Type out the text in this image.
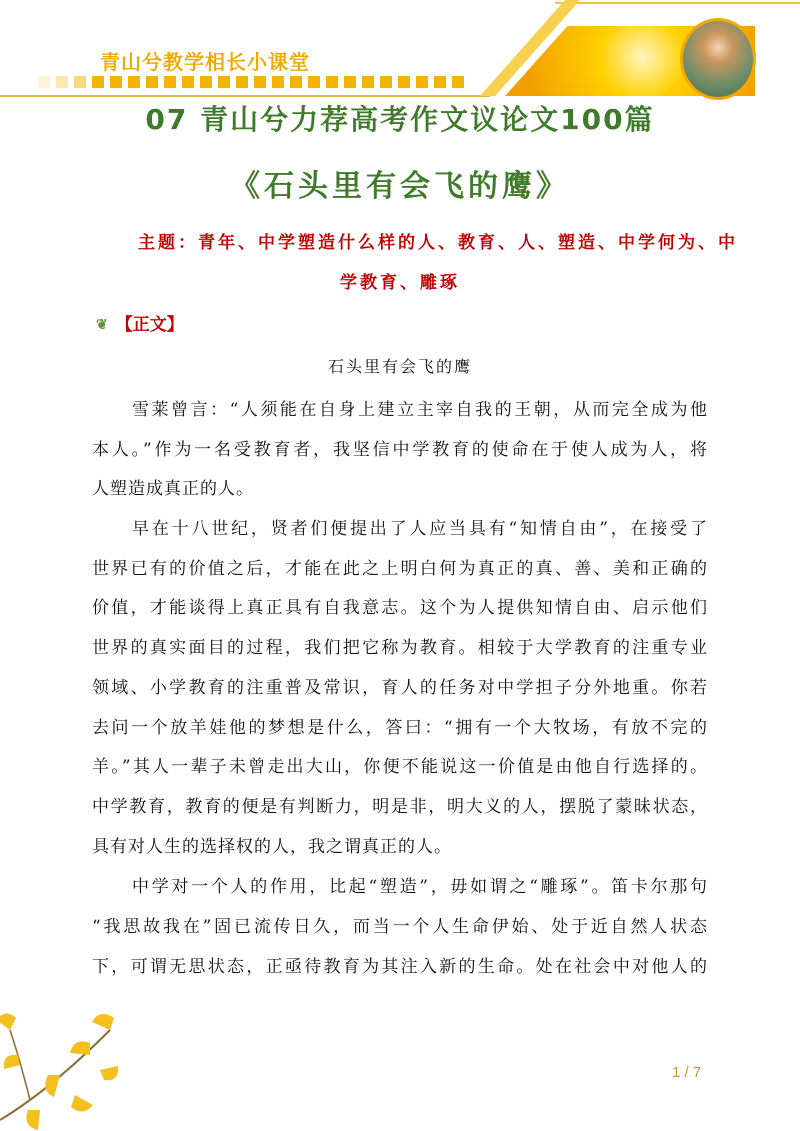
青山兮教学相长小课堂
07 青山兮力荐高考作文议论文100篇
《石头里有会飞的鹰》
主题：青年、中学塑造什么样的人、教育、人、塑造、中学何为、中
学教育、雕琢
❦ 【正文】
石头里有会飞的鹰
雪莱曾言：“人须能在自身上建立主宰自我的王朝，从而完全成为他
本人。”作为一名受教育者，我坚信中学教育的使命在于使人成为人，将
人塑造成真正的人。
早在十八世纪，贤者们便提出了人应当具有“知情自由”，在接受了
世界已有的价值之后，才能在此之上明白何为真正的真、善、美和正确的
价值，才能谈得上真正具有自我意志。这个为人提供知情自由、启示他们
世界的真实面目的过程，我们把它称为教育。相较于大学教育的注重专业
领域、小学教育的注重普及常识，育人的任务对中学担子分外地重。你若
去问一个放羊娃他的梦想是什么，答曰：“拥有一个大牧场，有放不完的
羊。”其人一辈子未曾走出大山，你便不能说这一价值是由他自行选择的。
中学教育，教育的便是有判断力，明是非，明大义的人，摆脱了蒙昧状态，
具有对人生的选择权的人，我之谓真正的人。
中学对一个人的作用，比起“塑造”，毋如谓之“雕琢”。笛卡尔那句
“我思故我在”固已流传日久，而当一个人生命伊始、处于近自然人状态
下，可谓无思状态，正亟待教育为其注入新的生命。处在社会中对他人的
1 / 7
